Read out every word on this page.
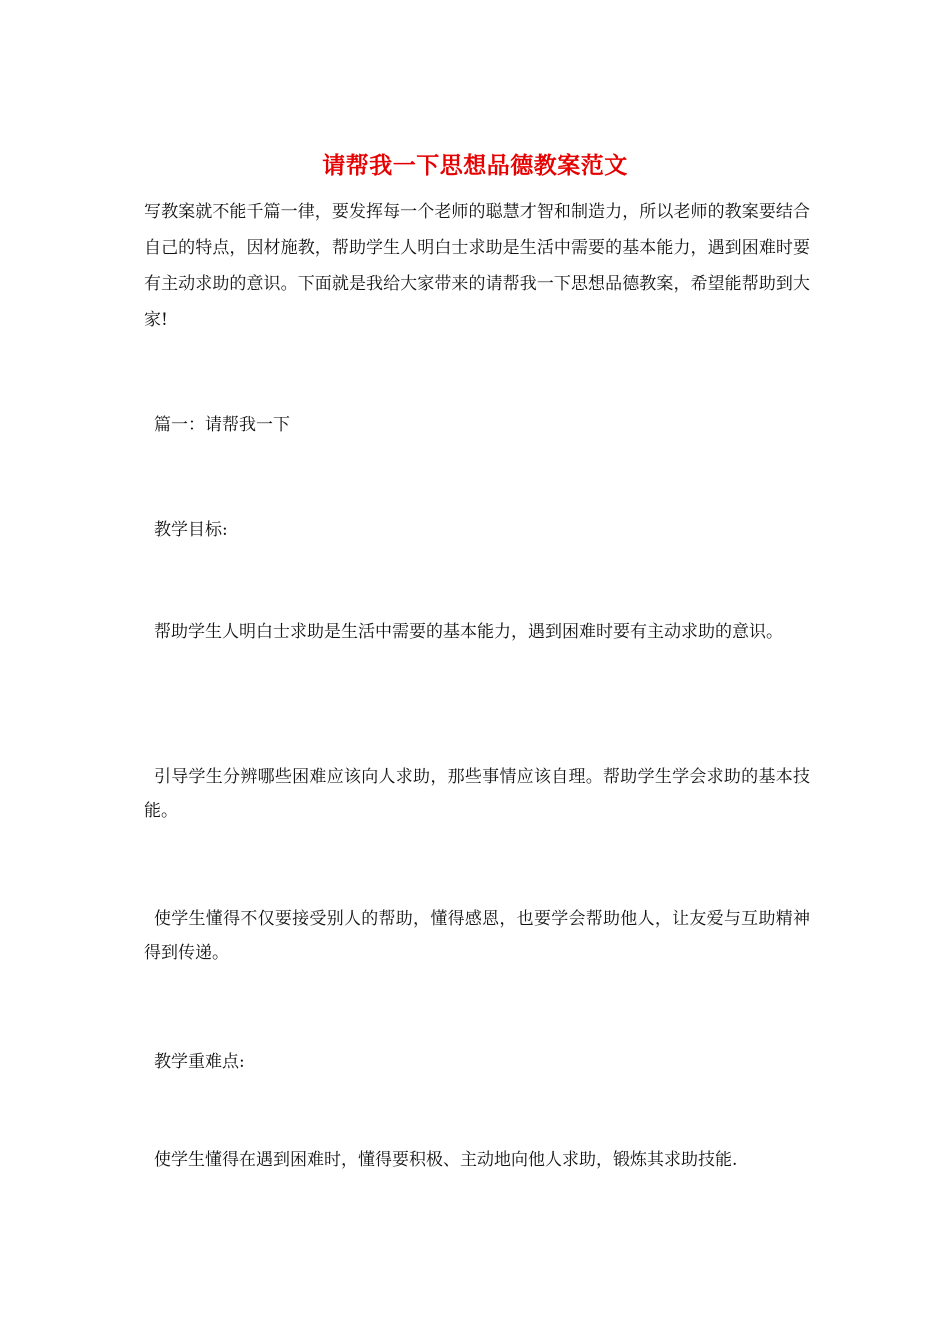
请帮我一下思想品德教案范文

写教案就不能千篇一律，要发挥每一个老师的聪慧才智和制造力，所以老师的教案要结合自己的特点，因材施教，帮助学生人明白士求助是生活中需要的基本能力，遇到困难时要有主动求助的意识。下面就是我给大家带来的请帮我一下思想品德教案，希望能帮助到大家!

篇一：请帮我一下

教学目标:

帮助学生人明白士求助是生活中需要的基本能力，遇到困难时要有主动求助的意识。

引导学生分辨哪些困难应该向人求助，那些事情应该自理。帮助学生学会求助的基本技能。

使学生懂得不仅要接受别人的帮助，懂得感恩，也要学会帮助他人，让友爱与互助精神得到传递。

教学重难点:

使学生懂得在遇到困难时，懂得要积极、主动地向他人求助，锻炼其求助技能.
